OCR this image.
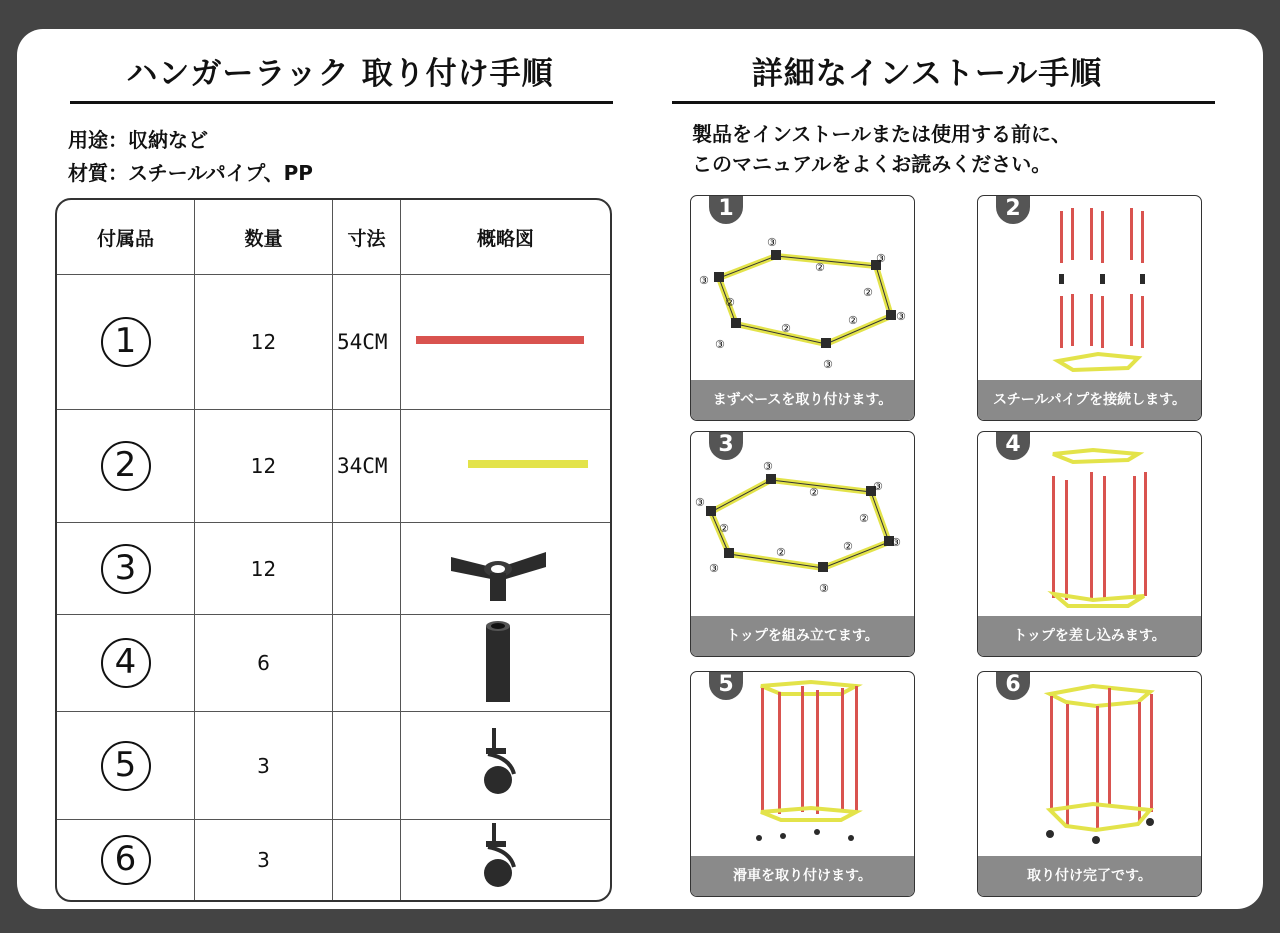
ハンガーラック 取り付け手順
用途：収納など
材質：スチールパイプ、PP
付属品	数量	寸法	概略図
1	12	54CM	
2	12	34CM	
3	12		
4	6		
5	3		
6	3		
詳細なインストール手順
製品をインストールまたは使用する前に、
このマニュアルをよくお読みください。
③
③
③
③
③
③
②
②
②
②
②
1
まずベースを取り付けます。
2
スチールパイプを接続します。
③
③
③
③
③
③
②
②
②
②
②
3
トップを組み立てます。
4
トップを差し込みます。
5
滑車を取り付けます。
6
取り付け完了です。
